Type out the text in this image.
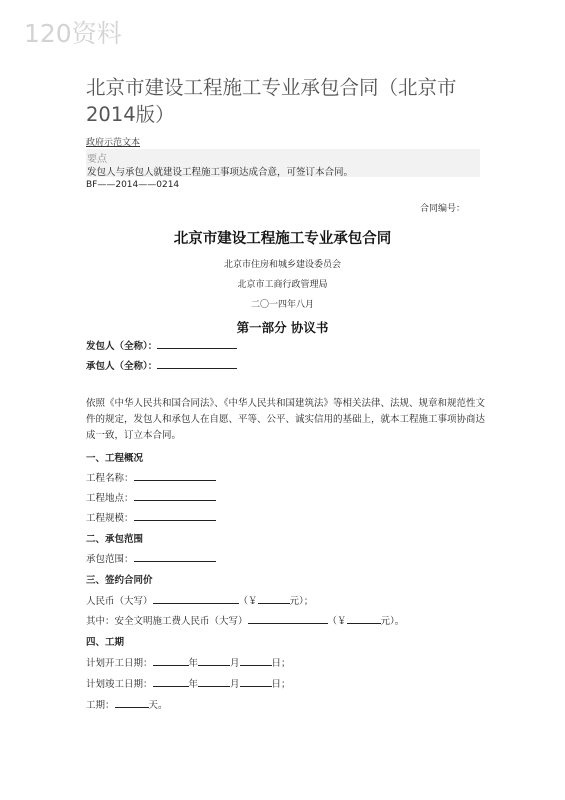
120资料
北京市建设工程施工专业承包合同（北京市2014版）
政府示范文本
要点
发包人与承包人就建设工程施工事项达成合意，可签订本合同。
BF——2014——0214
合同编号：
北京市建设工程施工专业承包合同
北京市住房和城乡建设委员会
北京市工商行政管理局
二〇一四年八月
第一部分 协议书
发包人（全称）：
承包人（全称）：
依照《中华人民共和国合同法》、《中华人民共和国建筑法》等相关法律、法规、规章和规范性文件的规定，发包人和承包人在自愿、平等、公平、诚实信用的基础上，就本工程施工事项协商达成一致，订立本合同。
一、工程概况
工程名称：
工程地点：
工程规模：
二、承包范围
承包范围：
三、签约合同价
人民币（大写）	（￥	元）；
其中：安全文明施工费人民币（大写）	（￥	元）。
四、工期
计划开工日期：	年	月	日；
计划竣工日期：	年	月	日；
工期：	天。
